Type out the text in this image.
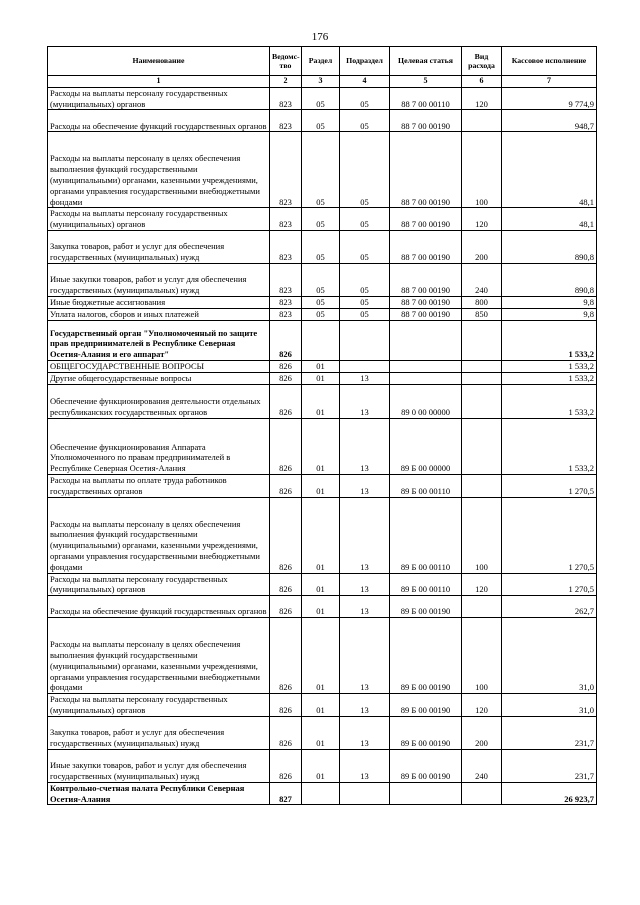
176
Наименование	Ведомс-тво	Раздел	Подраздел	Целевая статья	Вид расхода	Кассовое исполнение
1	2	3	4	5	6	7
Расходы на выплаты персоналу государственных (муниципальных) органов	823	05	05	88 7 00 00110	120	9 774,9
Расходы на обеспечение функций государственных органов	823	05	05	88 7 00 00190		948,7
Расходы на выплаты персоналу в целях обеспечения выполнения функций государственными (муниципальными) органами, казенными учреждениями, органами управления государственными внебюджетными фондами	823	05	05	88 7 00 00190	100	48,1
Расходы на выплаты персоналу государственных (муниципальных) органов	823	05	05	88 7 00 00190	120	48,1
Закупка товаров, работ и услуг для обеспечения государственных (муниципальных) нужд	823	05	05	88 7 00 00190	200	890,8
Иные закупки товаров, работ и услуг для обеспечения государственных (муниципальных) нужд	823	05	05	88 7 00 00190	240	890,8
Иные бюджетные ассигнования	823	05	05	88 7 00 00190	800	9,8
Уплата налогов, сборов и иных платежей	823	05	05	88 7 00 00190	850	9,8
Государственный орган "Уполномоченный по защите прав предпринимателей в Республике Северная Осетия-Алания и его аппарат"	826					1 533,2
ОБЩЕГОСУДАРСТВЕННЫЕ ВОПРОСЫ	826	01				1 533,2
Другие общегосударственные вопросы	826	01	13			1 533,2
Обеспечение функционирования деятельности отдельных республиканских государственных органов	826	01	13	89 0 00 00000		1 533,2
Обеспечение функционирования Аппарата Уполномоченного по правам предпринимателей в Республике Северная Осетия-Алания	826	01	13	89 Б 00 00000		1 533,2
Расходы на выплаты по оплате труда работников государственных органов	826	01	13	89 Б 00 00110		1 270,5
Расходы на выплаты персоналу в целях обеспечения выполнения функций государственными (муниципальными) органами, казенными учреждениями, органами управления государственными внебюджетными фондами	826	01	13	89 Б 00 00110	100	1 270,5
Расходы на выплаты персоналу государственных (муниципальных) органов	826	01	13	89 Б 00 00110	120	1 270,5
Расходы на обеспечение функций государственных органов	826	01	13	89 Б 00 00190		262,7
Расходы на выплаты персоналу в целях обеспечения выполнения функций государственными (муниципальными) органами, казенными учреждениями, органами управления государственными внебюджетными фондами	826	01	13	89 Б 00 00190	100	31,0
Расходы на выплаты персоналу государственных (муниципальных) органов	826	01	13	89 Б 00 00190	120	31,0
Закупка товаров, работ и услуг для обеспечения государственных (муниципальных) нужд	826	01	13	89 Б 00 00190	200	231,7
Иные закупки товаров, работ и услуг для обеспечения государственных (муниципальных) нужд	826	01	13	89 Б 00 00190	240	231,7
Контрольно-счетная палата Республики Северная Осетия-Алания	827					26 923,7
